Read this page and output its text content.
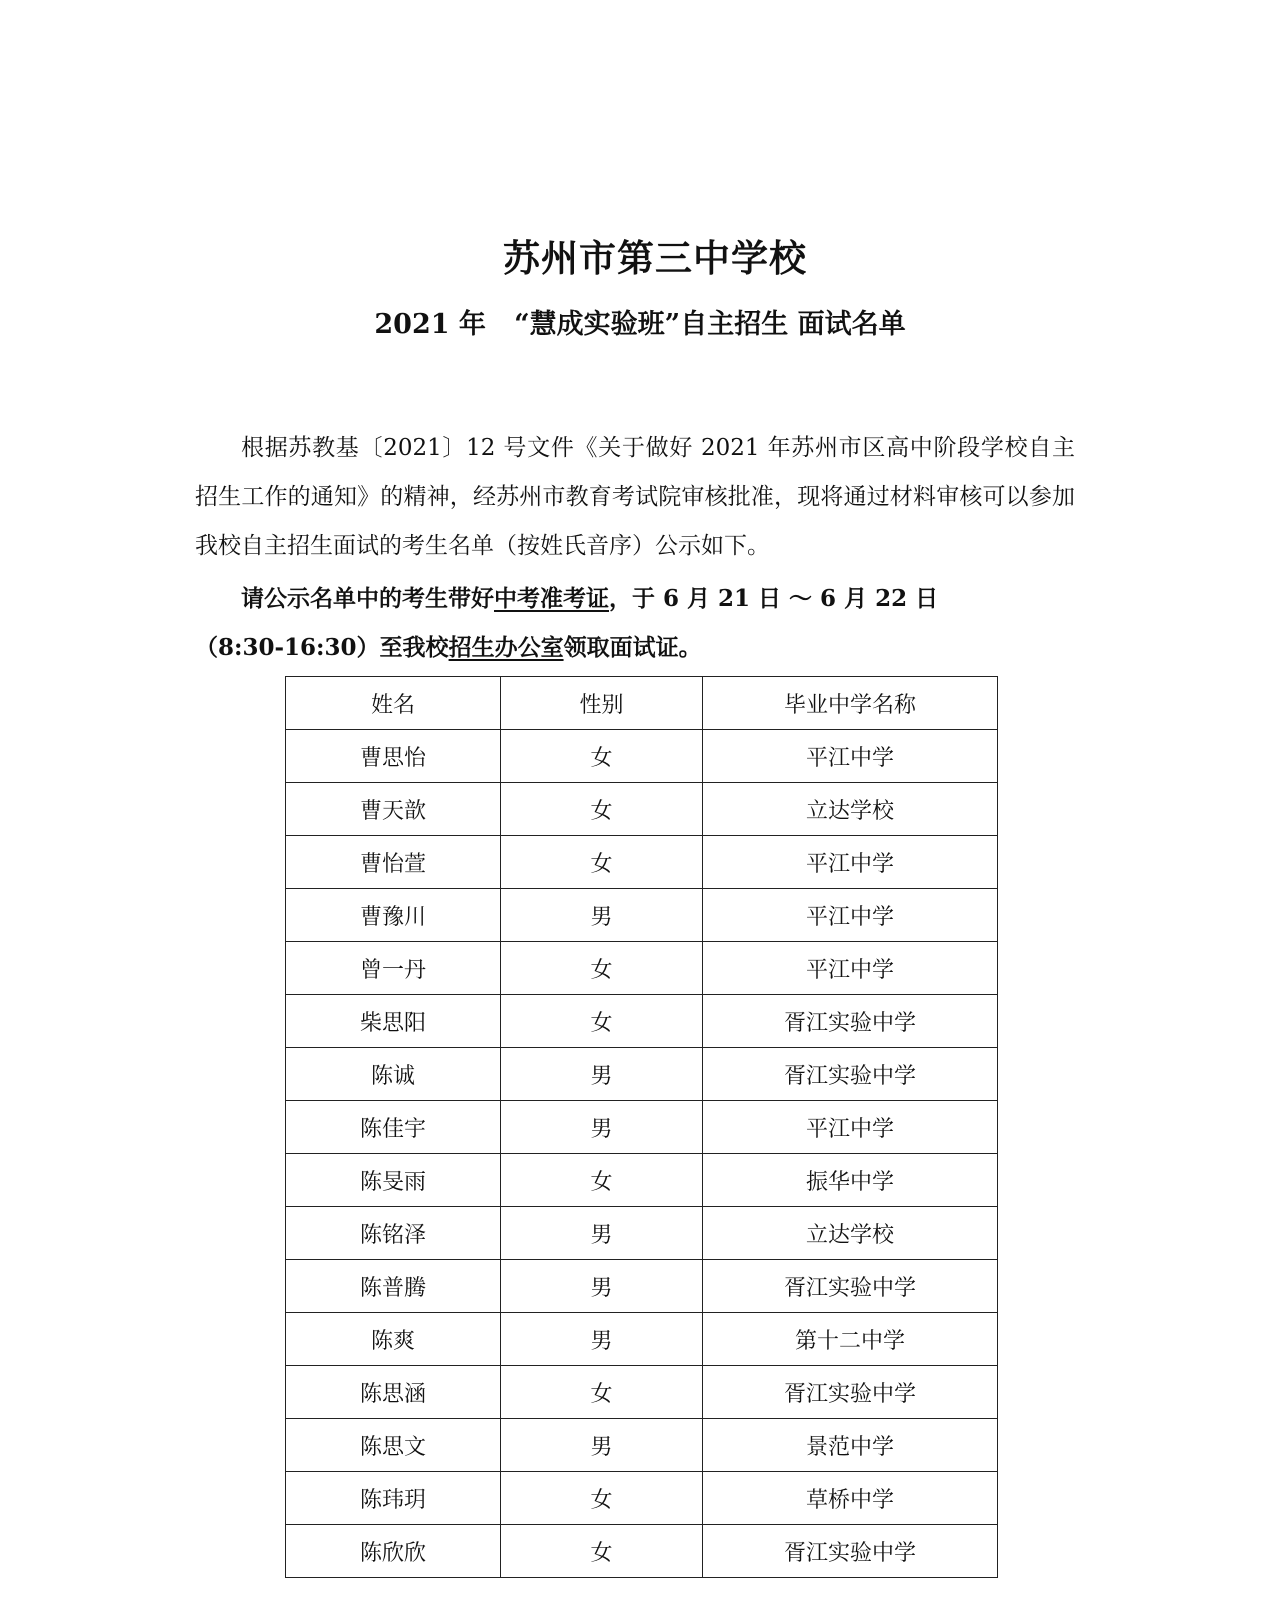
苏州市第三中学校
2021 年   “慧成实验班”自主招生 面试名单

根据苏教基〔2021〕12 号文件《关于做好 2021 年苏州市区高中阶段学校自主招生工作的通知》的精神，经苏州市教育考试院审核批准，现将通过材料审核可以参加我校自主招生面试的考生名单（按姓氏音序）公示如下。

请公示名单中的考生带好中考准考证，于 6 月 21 日 ～ 6 月 22 日
（8:30-16:30）至我校招生办公室领取面试证。

姓名	性别	毕业中学名称
曹思怡	女	平江中学
曹天歆	女	立达学校
曹怡萱	女	平江中学
曹豫川	男	平江中学
曾一丹	女	平江中学
柴思阳	女	胥江实验中学
陈诚	男	胥江实验中学
陈佳宇	男	平江中学
陈旻雨	女	振华中学
陈铭泽	男	立达学校
陈普腾	男	胥江实验中学
陈爽	男	第十二中学
陈思涵	女	胥江实验中学
陈思文	男	景范中学
陈玮玥	女	草桥中学
陈欣欣	女	胥江实验中学
